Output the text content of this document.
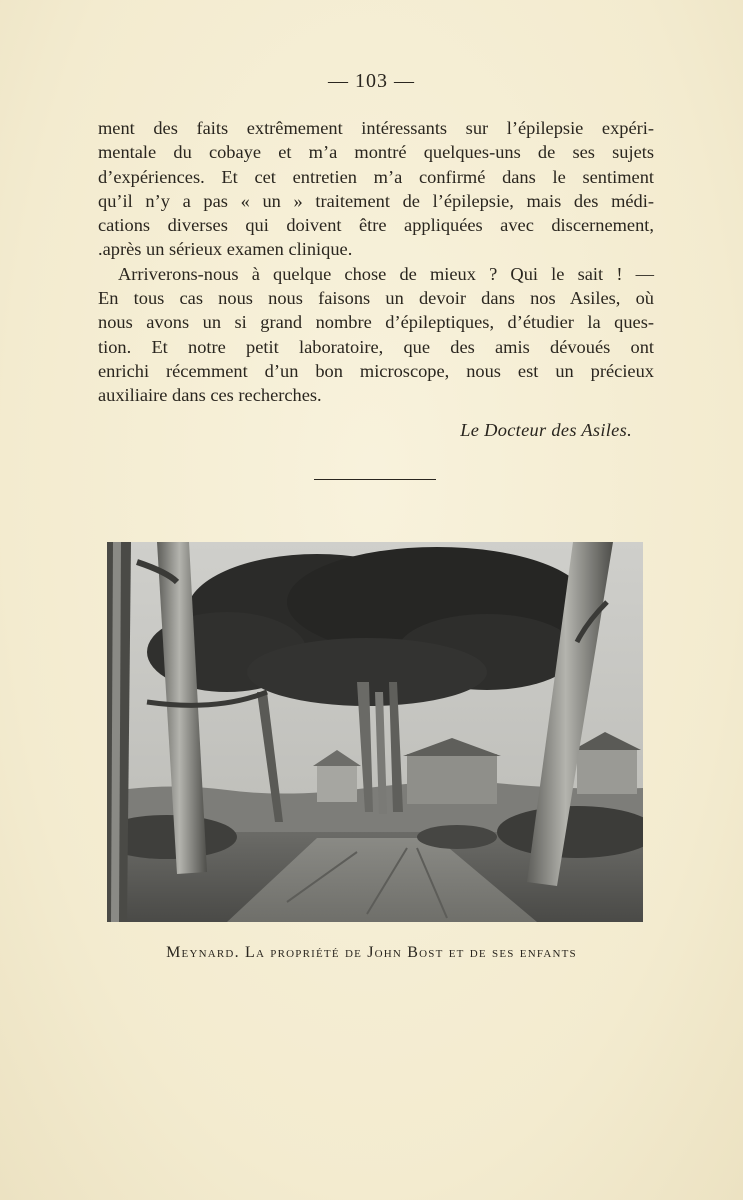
— 103 —
ment des faits extrêmement intéressants sur l’épilepsie expéri-
mentale du cobaye et m’a montré quelques-uns de ses sujets
d’expériences. Et cet entretien m’a confirmé dans le sentiment
qu’il n’y a pas « un » traitement de l’épilepsie, mais des médi-
cations diverses qui doivent être appliquées avec discernement,
.après un sérieux examen clinique.
Arriverons-nous à quelque chose de mieux ? Qui le sait ! —
En tous cas nous nous faisons un devoir dans nos Asiles, où
nous avons un si grand nombre d’épileptiques, d’étudier la ques-
tion. Et notre petit laboratoire, que des amis dévoués ont
enrichi récemment d’un bon microscope, nous est un précieux
auxiliaire dans ces recherches.
Le Docteur des Asiles.
Meynard. La propriété de John Bost et de ses enfants
